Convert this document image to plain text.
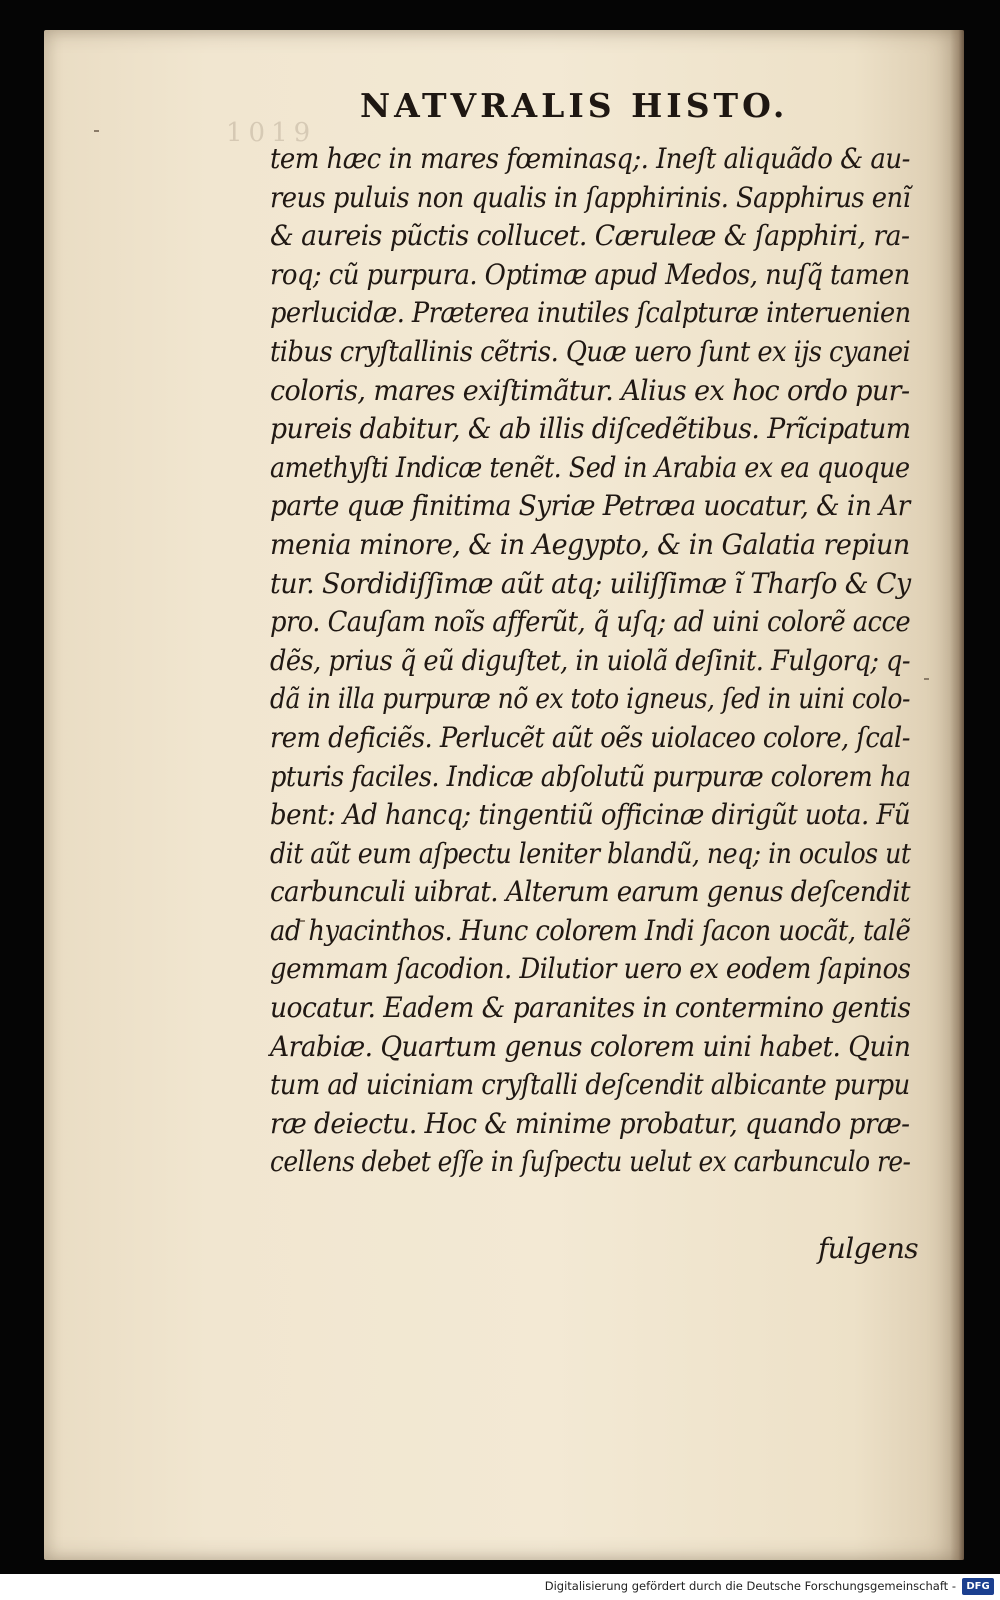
1019
NATVRALIS HISTO.
tem hæc in mares fœminasq;. Ineſt aliquãdo & au-
reus puluis non qualis in ſapphirinis. Sapphirus enĩ
& aureis pũctis collucet. Cæruleæ & ſapphiri, ra-
roq; cũ purpura. Optimæ apud Medos, nuſq̃ tamen
perlucidæ. Præterea inutiles ſcalpturæ interuenien
tibus cryſtallinis cẽtris. Quæ uero ſunt ex ijs cyanei
coloris, mares exiſtimãtur. Alius ex hoc ordo pur-
pureis dabitur, & ab illis diſcedẽtibus. Prĩcipatum
amethyſti Indicæ tenẽt. Sed in Arabia ex ea quoque
parte quæ finitima Syriæ Petræa uocatur, & in Ar
menia minore, & in Aegypto, & in Galatia repiun
tur. Sordidiſſimæ aũt atq; uiliſſimæ ĩ Tharſo & Cy
pro. Cauſam noĩs afferũt, q̃ uſq; ad uini colorẽ acce
dẽs, prius q̃ eũ diguſtet, in uiolã deſinit. Fulgorq; q-
dã in illa purpuræ nõ ex toto igneus, ſed in uini colo-
rem deficiẽs. Perlucẽt aũt oẽs uiolaceo colore, ſcal-
pturis faciles. Indicæ abſolutũ purpuræ colorem ha
bent: Ad hancq; tingentiũ officinæ dirigũt uota. Fũ
dit aũt eum aſpectu leniter blandũ, neq; in oculos ut
carbunculi uibrat. Alterum earum genus deſcendit
ad hyacinthos. Hunc colorem Indi ſacon uocãt, talẽ
gemmam ſacodion. Dilutior uero ex eodem ſapinos
uocatur. Eadem & paranites in contermino gentis
Arabiæ. Quartum genus colorem uini habet. Quin
tum ad uiciniam cryſtalli deſcendit albicante purpu
ræ deiectu. Hoc & minime probatur, quando præ-
cellens debet eſſe in ſuſpectu uelut ex carbunculo re-
fulgens
Digitalisierung gefördert durch die Deutsche Forschungsgemeinschaft -	DFG
